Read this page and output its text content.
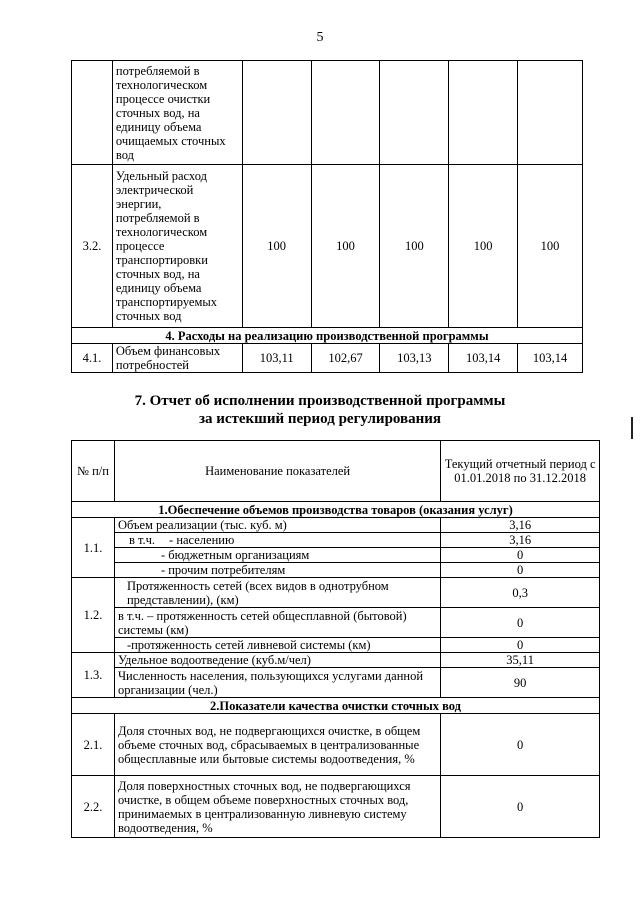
5
	потребляемой в технологическом процессе очистки сточных вод, на единицу объема очищаемых сточных вод					
3.2.	Удельный расход электрической энергии, потребляемой в технологическом процессе транспортировки сточных вод, на единицу объема транспортируемых сточных вод	100	100	100	100	100
4. Расходы на реализацию производственной программы						
4.1.	Объем финансовых потребностей	103,11	102,67	103,13	103,14	103,14
7. Отчет об исполнении производственной программы
за истекший период регулирования
№ п/п	Наименование показателей	Текущий отчетный период с 01.01.2018 по 31.12.2018
1.Обеспечение объемов производства товаров (оказания услуг)		
1.1.	Объем реализации (тыс. куб. м)	3,16
	в т.ч. - населению	3,16
	- бюджетным организациям	0
	- прочим потребителям	0
1.2.	Протяженность сетей (всех видов в однотрубном представлении), (км)	0,3
	в т.ч. – протяженность сетей общесплавной (бытовой) системы (км)	0
	-протяженность сетей ливневой системы (км)	0
1.3.	Удельное водоотведение (куб.м/чел)	35,11
	Численность населения, пользующихся услугами данной организации (чел.)	90
2.Показатели качества очистки сточных вод		
2.1.	Доля сточных вод, не подвергающихся очистке, в общем объеме сточных вод, сбрасываемых в централизованные общесплавные или бытовые системы водоотведения, %	0
2.2.	Доля поверхностных сточных вод, не подвергающихся очистке, в общем объеме поверхностных сточных вод, принимаемых в централизованную ливневую систему водоотведения, %	0
